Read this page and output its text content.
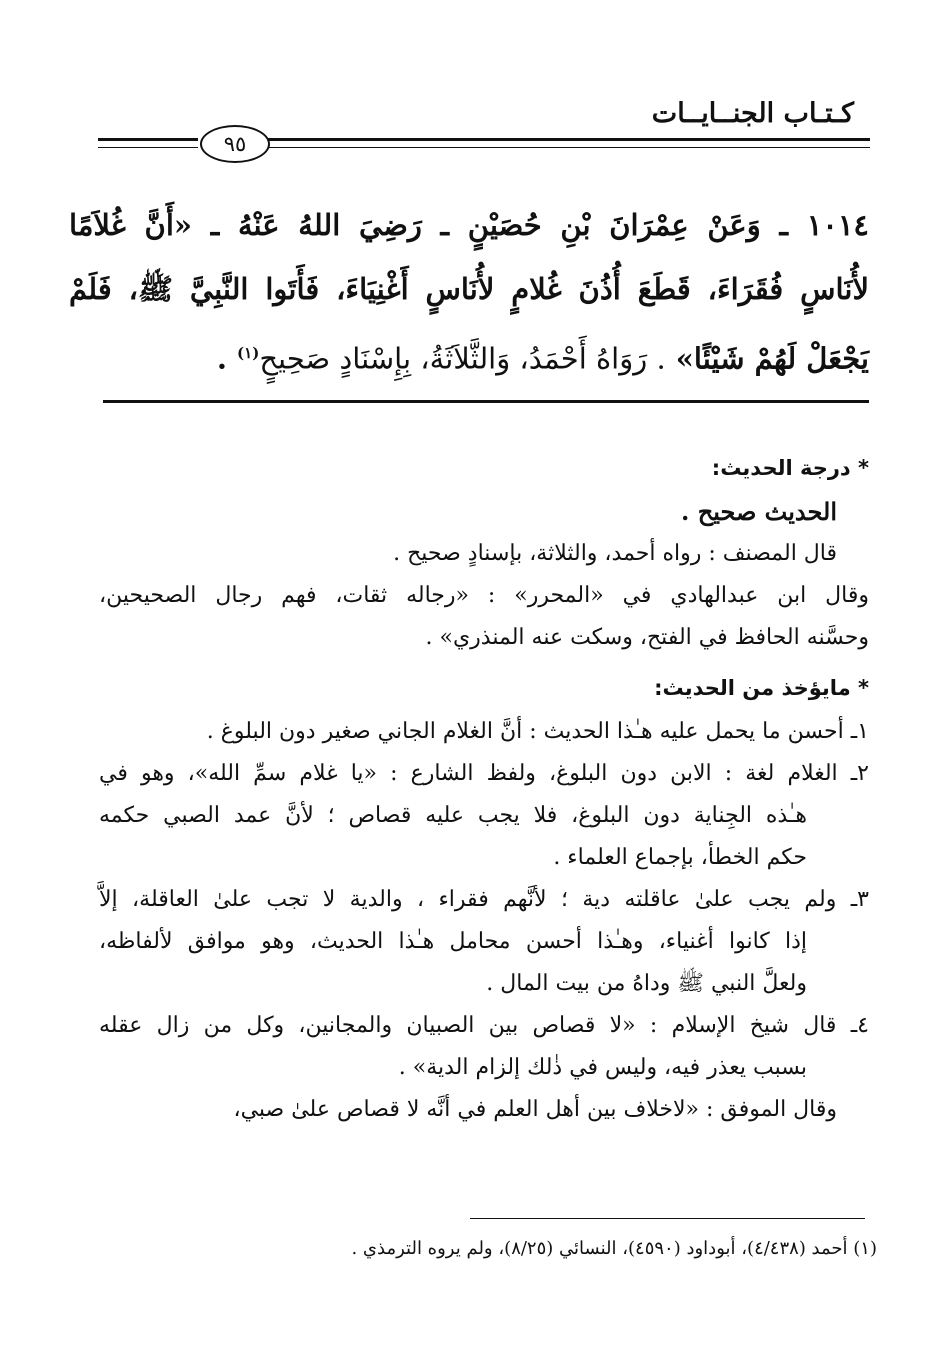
كـتـاب الجنــايــات
٩٥
١٠١٤ ـ وَعَنْ عِمْرَانَ بْنِ حُصَيْنٍ ـ رَضِيَ اللهُ عَنْهُ ـ «أَنَّ غُلاَمًا
لأُنَاسٍ فُقَرَاءَ، قَطَعَ أُذُنَ غُلامٍ لأُنَاسٍ أَغْنِيَاءَ، فَأَتَوا النَّبِيَّ ﷺ، فَلَمْ
يَجْعَلْ لَهُمْ شَيْئًا» . رَوَاهُ أَحْمَدُ، وَالثَّلاَثَةُ، بِإِسْنَادٍ صَحِيحٍ$^{(١)}$ .
* درجة الحديث:
الحديث صحيح .
قال المصنف : رواه أحمد، والثلاثة، بإسنادٍ صحيح .
وقال ابن عبدالهادي في «المحرر» : «رجاله ثقات، فهم رجال الصحيحين،
وحسَّنه الحافظ في الفتح، وسكت عنه المنذري» .
* مايؤخذ من الحديث:
١ـ أحسن ما يحمل عليه هـٰذا الحديث : أنَّ الغلام الجاني صغير دون البلوغ .
٢ـ الغلام لغة : الابن دون البلوغ، ولفظ الشارع : «يا غلام سمِّ الله»، وهو في
هـٰذه الجِناية دون البلوغ، فلا يجب عليه قصاص ؛ لأنَّ عمد الصبي حكمه
حكم الخطأ، بإجماع العلماء .
٣ـ ولم يجب علىٰ عاقلته دية ؛ لأنَّهم فقراء ، والدية لا تجب علىٰ العاقلة، إلاَّ
إذا كانوا أغنياء، وهـٰذا أحسن محامل هـٰذا الحديث، وهو موافق لألفاظه،
ولعلَّ النبي ﷺ وداهُ من بيت المال .
٤ـ قال شيخ الإسلام : «لا قصاص بين الصبيان والمجانين، وكل من زال عقله
بسبب يعذر فيه، وليس في ذٰلك إلزام الدية» .
وقال الموفق : «لاخلاف بين أهل العلم في أنَّه لا قصاص علىٰ صبي،
(١) أحمد (٤/٤٣٨)، أبوداود (٤٥٩٠)، النسائي (٨/٢٥)، ولم يروه الترمذي .
